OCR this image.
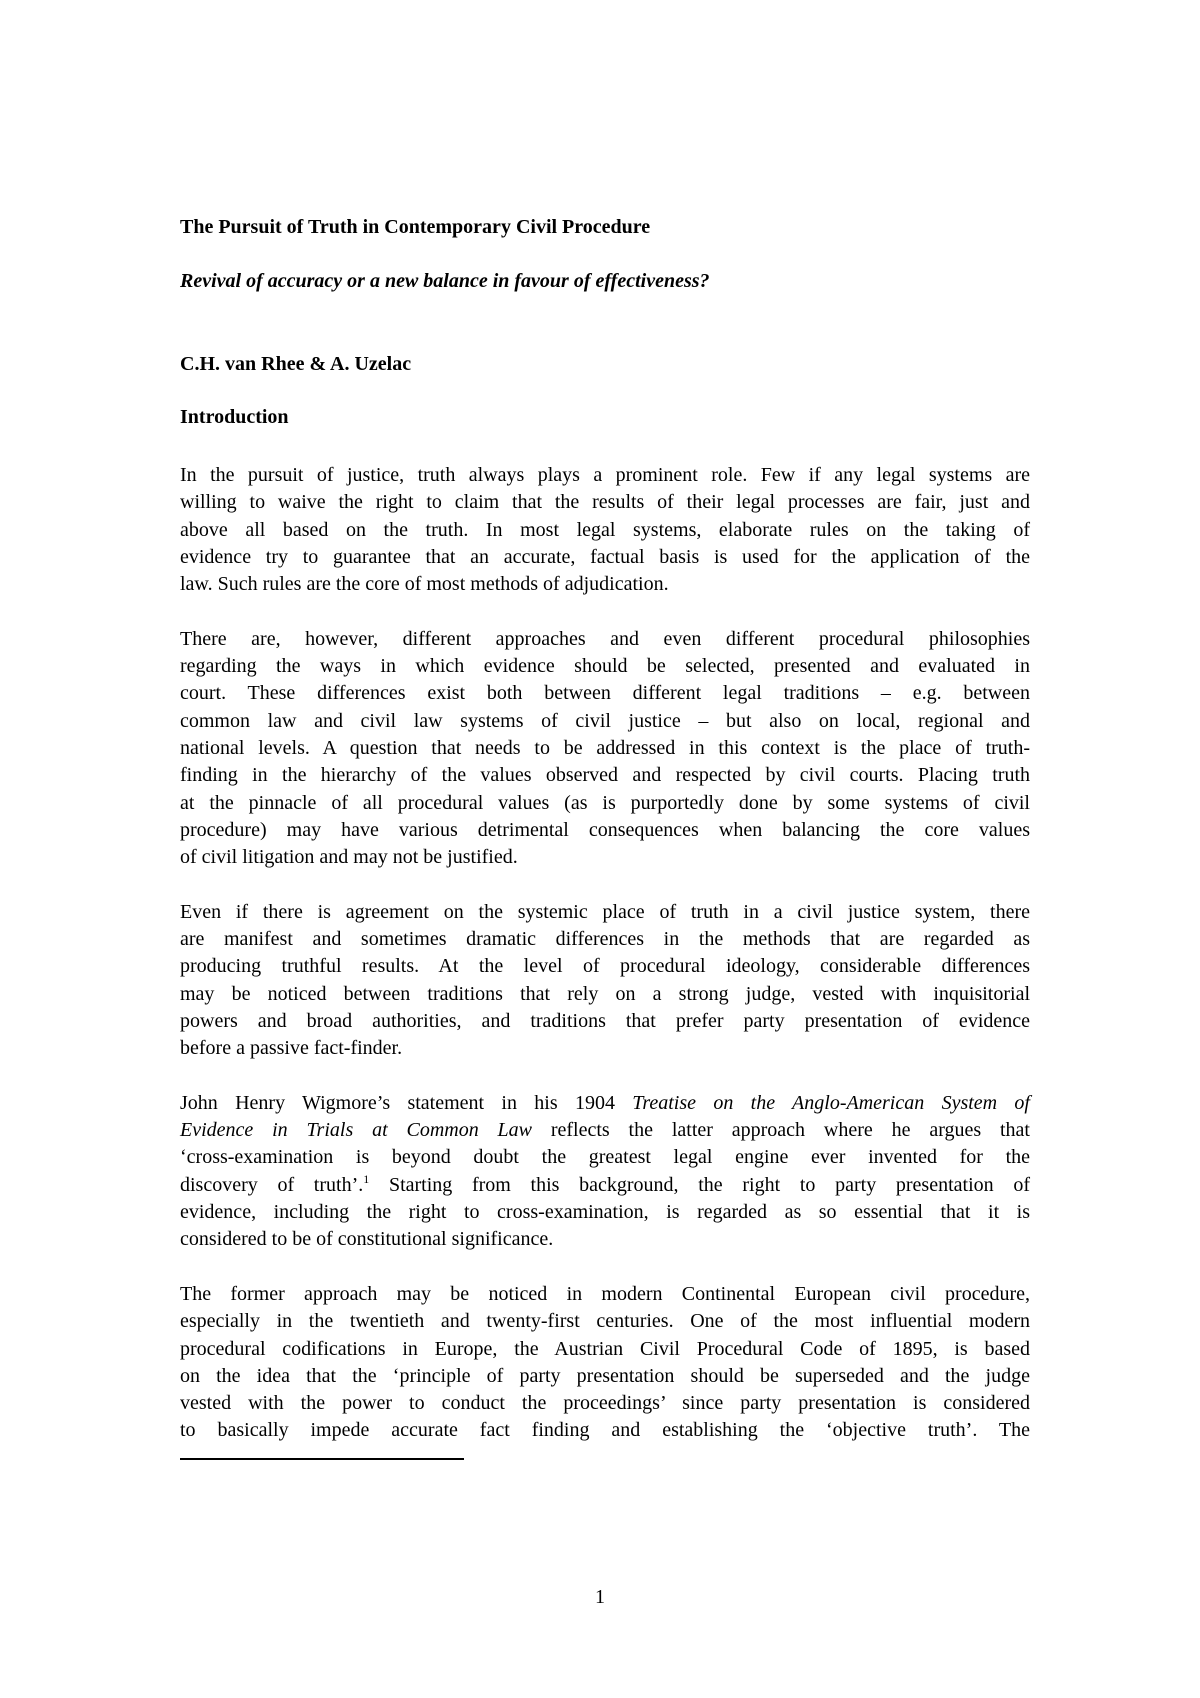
The Pursuit of Truth in Contemporary Civil Procedure
Revival of accuracy or a new balance in favour of effectiveness?
C.H. van Rhee & A. Uzelac
Introduction
In the pursuit of justice, truth always plays a prominent role. Few if any legal systems are
willing to waive the right to claim that the results of their legal processes are fair, just and
above all based on the truth. In most legal systems, elaborate rules on the taking of
evidence try to guarantee that an accurate, factual basis is used for the application of the
law. Such rules are the core of most methods of adjudication.
There are, however, different approaches and even different procedural philosophies
regarding the ways in which evidence should be selected, presented and evaluated in
court. These differences exist both between different legal traditions – e.g. between
common law and civil law systems of civil justice – but also on local, regional and
national levels. A question that needs to be addressed in this context is the place of truth-
finding in the hierarchy of the values observed and respected by civil courts. Placing truth
at the pinnacle of all procedural values (as is purportedly done by some systems of civil
procedure) may have various detrimental consequences when balancing the core values
of civil litigation and may not be justified.
Even if there is agreement on the systemic place of truth in a civil justice system, there
are manifest and sometimes dramatic differences in the methods that are regarded as
producing truthful results. At the level of procedural ideology, considerable differences
may be noticed between traditions that rely on a strong judge, vested with inquisitorial
powers and broad authorities, and traditions that prefer party presentation of evidence
before a passive fact-finder.
John Henry Wigmore’s statement in his 1904 Treatise on the Anglo-American System of
Evidence in Trials at Common Law reflects the latter approach where he argues that
‘cross-examination is beyond doubt the greatest legal engine ever invented for the
discovery of truth’.$^1$ Starting from this background, the right to party presentation of
evidence, including the right to cross-examination, is regarded as so essential that it is
considered to be of constitutional significance.
The former approach may be noticed in modern Continental European civil procedure,
especially in the twentieth and twenty-first centuries. One of the most influential modern
procedural codifications in Europe, the Austrian Civil Procedural Code of 1895, is based
on the idea that the ‘principle of party presentation should be superseded and the judge
vested with the power to conduct the proceedings’ since party presentation is considered
to basically impede accurate fact finding and establishing the ‘objective truth’. The
1
